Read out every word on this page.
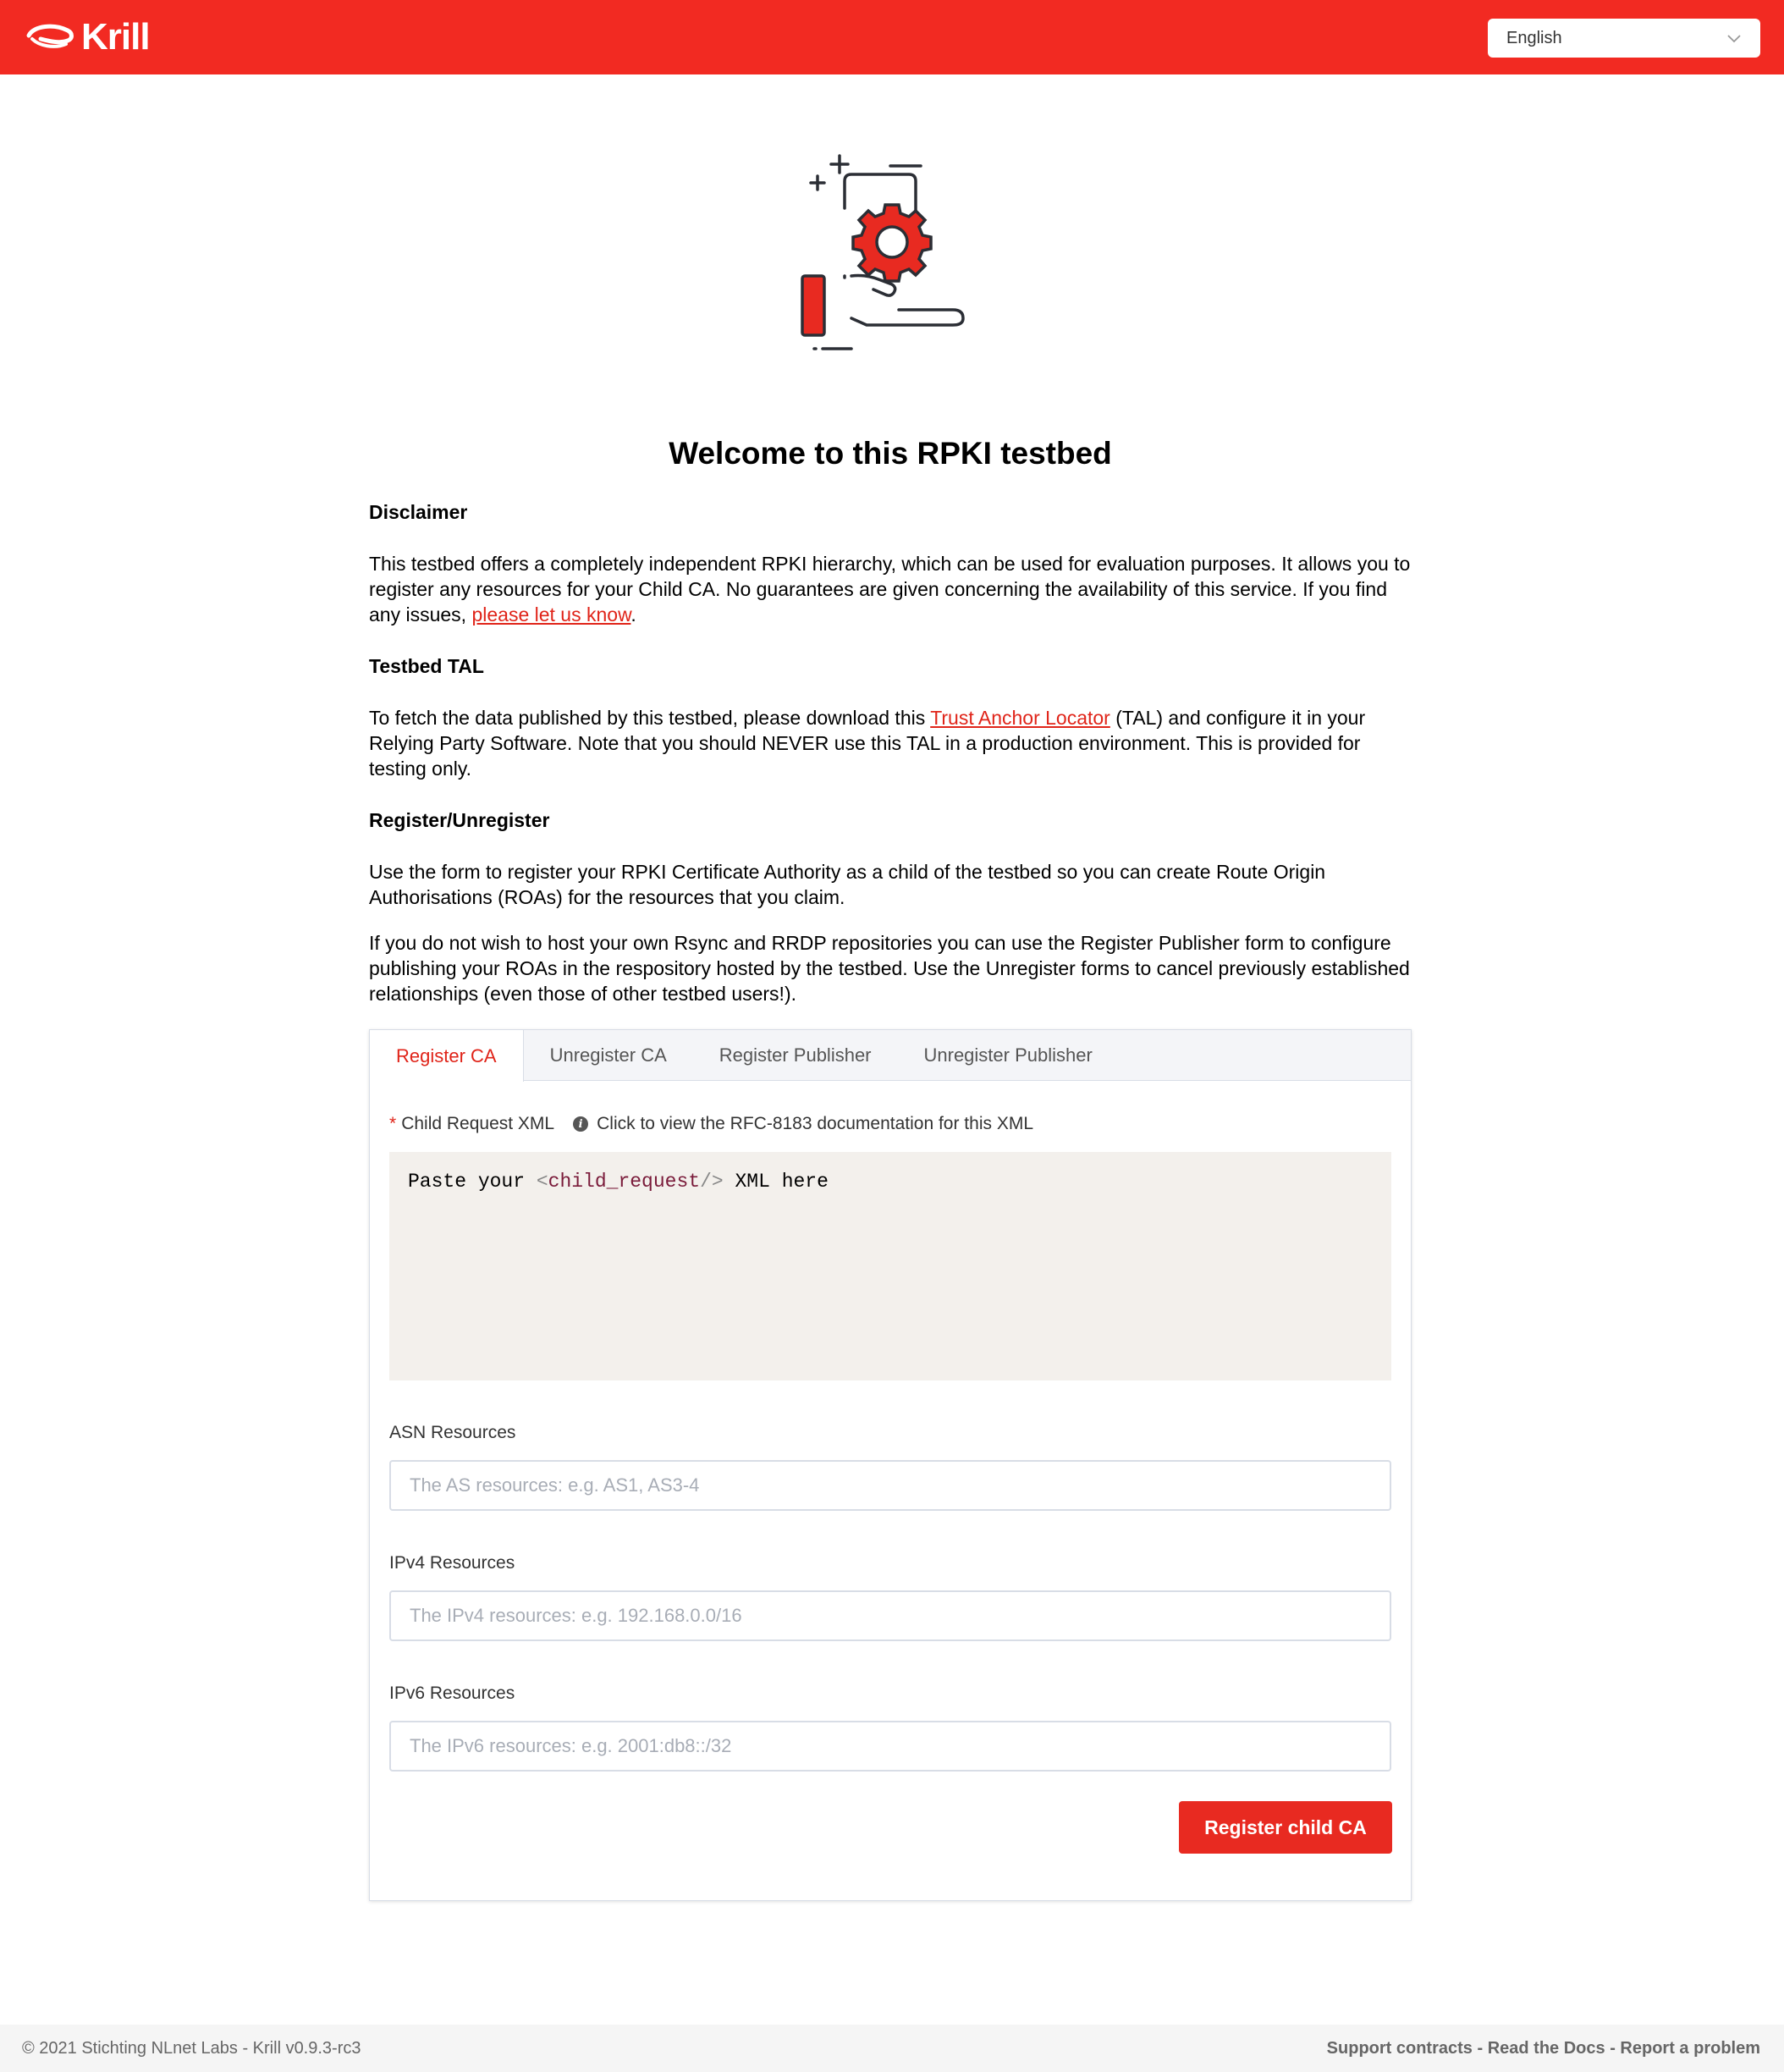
Krill	English
Welcome to this RPKI testbed

Disclaimer

This testbed offers a completely independent RPKI hierarchy, which can be used for evaluation purposes. It allows you to register any resources for your Child CA. No guarantees are given concerning the availability of this service. If you find any issues, please let us know.

Testbed TAL

To fetch the data published by this testbed, please download this Trust Anchor Locator (TAL) and configure it in your Relying Party Software. Note that you should NEVER use this TAL in a production environment. This is provided for testing only.

Register/Unregister

Use the form to register your RPKI Certificate Authority as a child of the testbed so you can create Route Origin Authorisations (ROAs) for the resources that you claim.

If you do not wish to host your own Rsync and RRDP repositories you can use the Register Publisher form to configure publishing your ROAs in the respository hosted by the testbed. Use the Unregister forms to cancel previously established relationships (even those of other testbed users!).

Register CA	Unregister CA	Register Publisher	Unregister Publisher
* Child Request XML	i Click to view the RFC-8183 documentation for this XML
Paste your <child_request/> XML here
ASN Resources
The AS resources: e.g. AS1, AS3-4
IPv4 Resources
The IPv4 resources: e.g. 192.168.0.0/16
IPv6 Resources
The IPv6 resources: e.g. 2001:db8::/32
Register child CA
© 2021 Stichting NLnet Labs - Krill v0.9.3-rc3	Support contracts - Read the Docs - Report a problem
